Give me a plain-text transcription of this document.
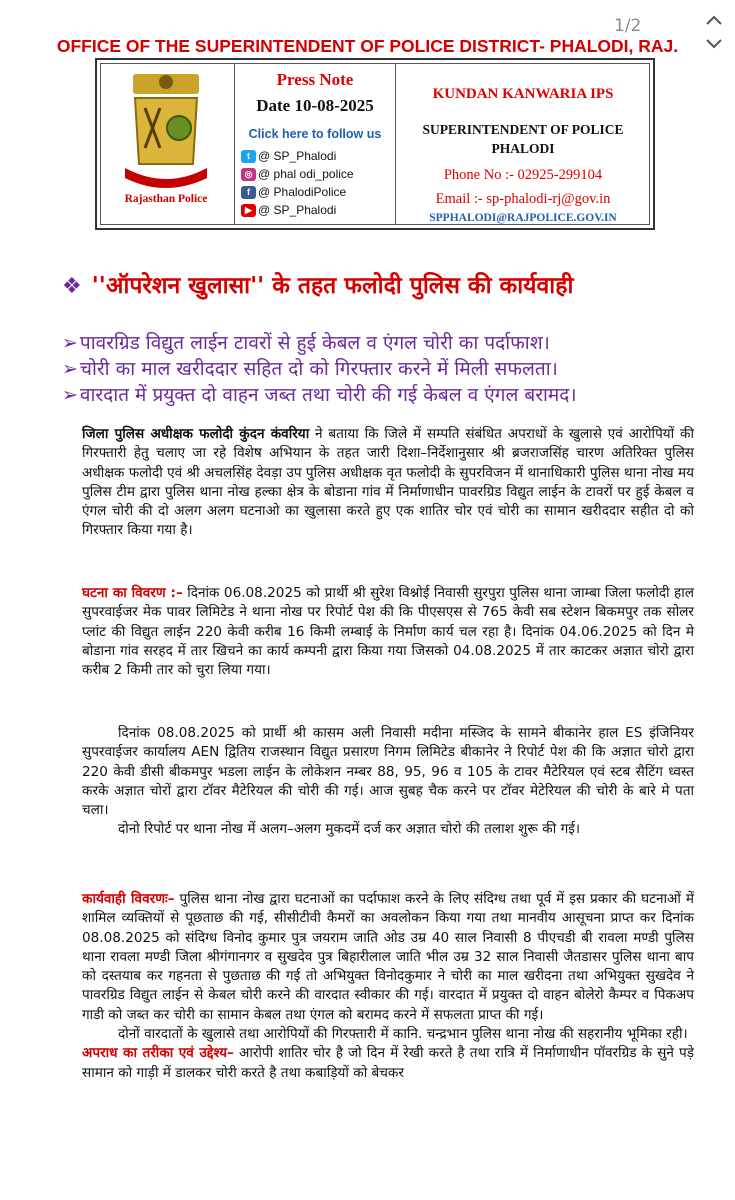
1/2
OFFICE OF THE SUPERINTENDENT OF POLICE DISTRICT- PHALODI, RAJ.
Rajasthan Police
Press Note
Date 10-08-2025
Click here to follow us
t @ SP_Phalodi
◎ @ phal odi_police
f @ PhalodiPolice
▶ @ SP_Phalodi
KUNDAN KANWARIA IPS
SUPERINTENDENT OF POLICE
PHALODI
Phone No :- 02925-299104
Email :- sp-phalodi-rj@gov.in
SPPHALODI@RAJPOLICE.GOV.IN
❖ ''ऑपरेशन खुलासा'' के तहत फलोदी पुलिस की कार्यवाही
➢ पावरग्रिड विद्युत लाईन टावरों से हुई केबल व एंगल चोरी का पर्दाफाश।
➢ चोरी का माल खरीददार सहित दो को गिरफ्तार करने में मिली सफलता।
➢ वारदात में प्रयुक्त दो वाहन जब्त तथा चोरी की गई केबल व एंगल बरामद।
जिला पुलिस अधीक्षक फलोदी कुंदन कंवरिया ने बताया कि जिले में सम्पति संबंधित अपराधों के खुलासे एवं आरोपियों की गिरफ्तारी हेतु चलाए जा रहे विशेष अभियान के तहत जारी दिशा–निर्देशानुसार श्री ब्रजराजसिंह चारण अतिरिक्त पुलिस अधीक्षक फलोदी एवं श्री अचलसिंह देवड़ा उप पुलिस अधीक्षक वृत फलोदी के सुपरविजन में थानाधिकारी पुलिस थाना नोख मय पुलिस टीम द्वारा पुलिस थाना नोख हल्का क्षेत्र के बोडाना गांव में निर्माणाधीन पावरग्रिड विद्युत लाईन के टावरों पर हुई केबल व एंगल चोरी की दो अलग अलग घटनाओ का खुलासा करते हुए एक शातिर चोर एवं चोरी का सामान खरीददार सहीत दो को गिरफ्तार किया गया है।
घटना का विवरण :– दिनांक 06.08.2025 को प्रार्थी श्री सुरेश विश्नोई निवासी सुरपुरा पुलिस थाना जाम्बा जिला फलोदी हाल सुपरवाईजर मेक पावर लिमिटेड ने थाना नोख पर रिपोर्ट पेश की कि पीएसएस से 765 केवी सब स्टेशन बिकमपुर तक सोलर प्लांट की विद्युत लाईन 220 केवी करीब 16 किमी लम्बाई के निर्माण कार्य चल रहा है। दिनांक 04.06.2025 को दिन मे बोडाना गांव सरहद में तार खिचने का कार्य कम्पनी द्वारा किया गया जिसको 04.08.2025 में तार काटकर अज्ञात चोरो द्वारा करीब 2 किमी तार को चुरा लिया गया।
दिनांक 08.08.2025 को प्रार्थी श्री कासम अली निवासी मदीना मस्जिद के सामने बीकानेर हाल ES इंजिनियर सुपरवाईजर कार्यालय AEN द्वितिय राजस्थान विद्युत प्रसारण निगम लिमिटेड बीकानेर ने रिपोर्ट पेश की कि अज्ञात चोरो द्वारा 220 केवी डीसी बीकमपुर भडला लाईन के लोकेशन नम्बर 88, 95, 96 व 105 के टावर मैटेरियल एवं स्टब सैटिंग ध्वस्त करके अज्ञात चोरों द्वारा टॉवर मैटेरियल की चोरी की गई। आज सुबह चैक करने पर टॉवर मेटेरियल की चोरी के बारे मे पता चला।
दोनो रिपोर्ट पर थाना नोख में अलग–अलग मुकदमें दर्ज कर अज्ञात चोरो की तलाश शुरू की गई।
कार्यवाही विवरणः– पुलिस थाना नोख द्वारा घटनाओं का पर्दाफाश करने के लिए संदिग्ध तथा पूर्व में इस प्रकार की घटनाओं में शामिल व्यक्तियों से पूछताछ की गई, सीसीटीवी कैमरों का अवलोकन किया गया तथा मानवीय आसूचना प्राप्त कर दिनांक 08.08.2025 को संदिग्ध विनोद कुमार पुत्र जयराम जाति ओड उम्र 40 साल निवासी 8 पीएचडी बी रावला मण्डी पुलिस थाना रावला मण्डी जिला श्रीगंगानगर व सुखदेव पुत्र बिहारीलाल जाति भील उम्र 32 साल निवासी जैतडासर पुलिस थाना बाप को दस्तयाब कर गहनता से पुछताछ की गई तो अभियुक्त विनोदकुमार ने चोरी का माल खरीदना तथा अभियुक्त सुखदेव ने पावरग्रिड विद्युत लाईन से केबल चोरी करने की वारदात स्वीकार की गई। वारदात में प्रयुक्त दो वाहन बोलेरो कैम्पर व पिकअप गाडी को जब्त कर चोरी का सामान केबल तथा एंगल को बरामद करने में सफलता प्राप्त की गई।
दोनों वारदातों के खुलासे तथा आरोपियों की गिरफ्तारी में कानि. चन्द्रभान पुलिस थाना नोख की सहरानीय भूमिका रही।
अपराध का तरीका एवं उद्देश्य– आरोपी शातिर चोर है जो दिन में रेखी करते है तथा रात्रि में निर्माणाधीन पॉवरग्रिड के सुने पड़े सामान को गाड़ी में डालकर चोरी करते है तथा कबाड़ियों को बेचकर
